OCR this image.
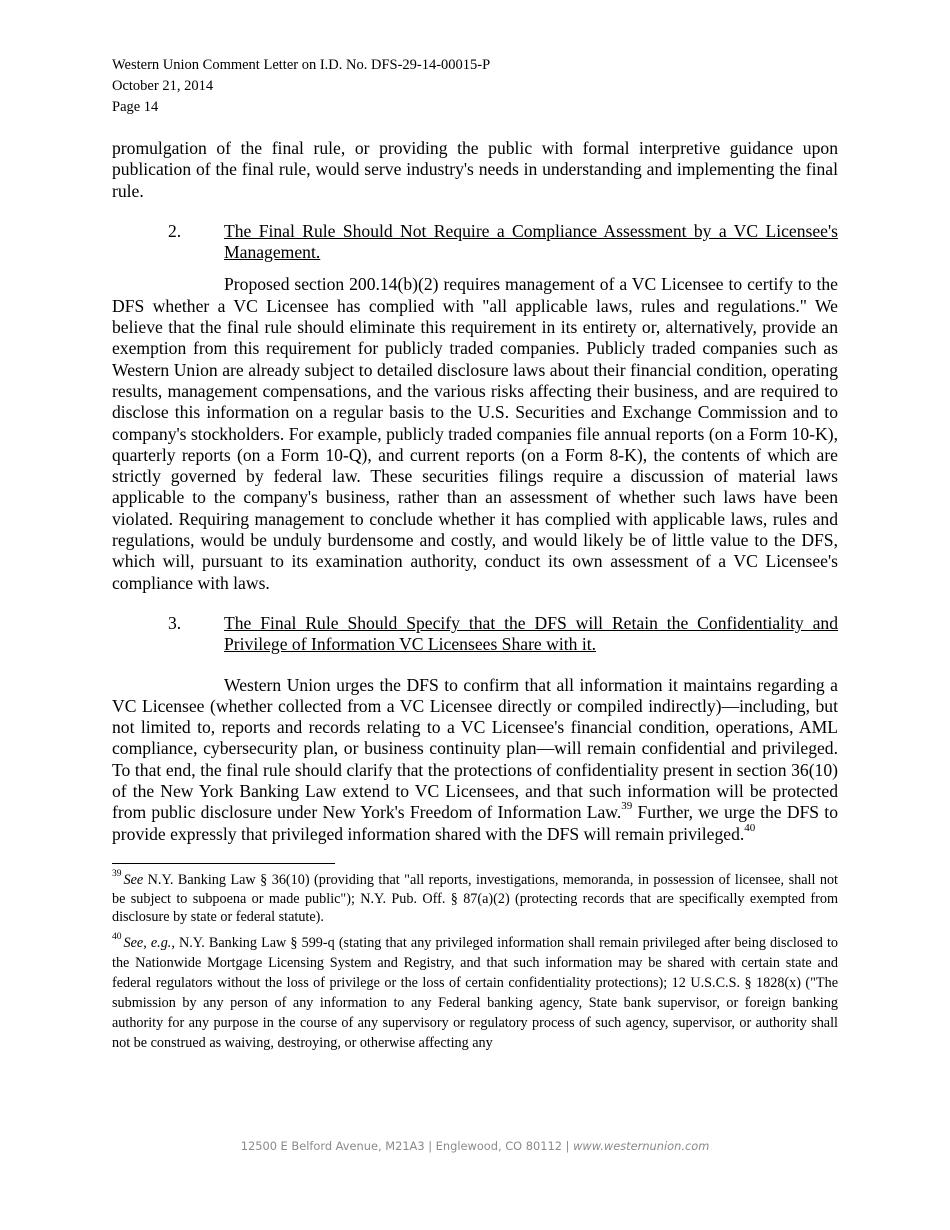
Western Union Comment Letter on I.D. No. DFS-29-14-00015-P

October 21, 2014

Page 14

promulgation of the final rule, or providing the public with formal interpretive guidance upon publication of the final rule, would serve industry's needs in understanding and implementing the final rule.

2.	The Final Rule Should Not Require a Compliance Assessment by a VC Licensee's Management.

Proposed section 200.14(b)(2) requires management of a VC Licensee to certify to the DFS whether a VC Licensee has complied with "all applicable laws, rules and regulations." We believe that the final rule should eliminate this requirement in its entirety or, alternatively, provide an exemption from this requirement for publicly traded companies. Publicly traded companies such as Western Union are already subject to detailed disclosure laws about their financial condition, operating results, management compensations, and the various risks affecting their business, and are required to disclose this information on a regular basis to the U.S. Securities and Exchange Commission and to company's stockholders. For example, publicly traded companies file annual reports (on a Form 10-K), quarterly reports (on a Form 10-Q), and current reports (on a Form 8-K), the contents of which are strictly governed by federal law. These securities filings require a discussion of material laws applicable to the company's business, rather than an assessment of whether such laws have been violated. Requiring management to conclude whether it has complied with applicable laws, rules and regulations, would be unduly burdensome and costly, and would likely be of little value to the DFS, which will, pursuant to its examination authority, conduct its own assessment of a VC Licensee's compliance with laws.

3.	The Final Rule Should Specify that the DFS will Retain the Confidentiality and Privilege of Information VC Licensees Share with it.

Western Union urges the DFS to confirm that all information it maintains regarding a VC Licensee (whether collected from a VC Licensee directly or compiled indirectly)—including, but not limited to, reports and records relating to a VC Licensee's financial condition, operations, AML compliance, cybersecurity plan, or business continuity plan—will remain confidential and privileged. To that end, the final rule should clarify that the protections of confidentiality present in section 36(10) of the New York Banking Law extend to VC Licensees, and that such information will be protected from public disclosure under New York's Freedom of Information Law.$^{39}$ Further, we urge the DFS to provide expressly that privileged information shared with the DFS will remain privileged.$^{40}$

$^{39}$ See N.Y. Banking Law § 36(10) (providing that "all reports, investigations, memoranda, in possession of licensee, shall not be subject to subpoena or made public"); N.Y. Pub. Off. § 87(a)(2) (protecting records that are specifically exempted from disclosure by state or federal statute).

$^{40}$ See, e.g., N.Y. Banking Law § 599-q (stating that any privileged information shall remain privileged after being disclosed to the Nationwide Mortgage Licensing System and Registry, and that such information may be shared with certain state and federal regulators without the loss of privilege or the loss of certain confidentiality protections); 12 U.S.C.S. § 1828(x) ("The submission by any person of any information to any Federal banking agency, State bank supervisor, or foreign banking authority for any purpose in the course of any supervisory or regulatory process of such agency, supervisor, or authority shall not be construed as waiving, destroying, or otherwise affecting any

12500 E Belford Avenue, M21A3 | Englewood, CO 80112 | www.westernunion.com
